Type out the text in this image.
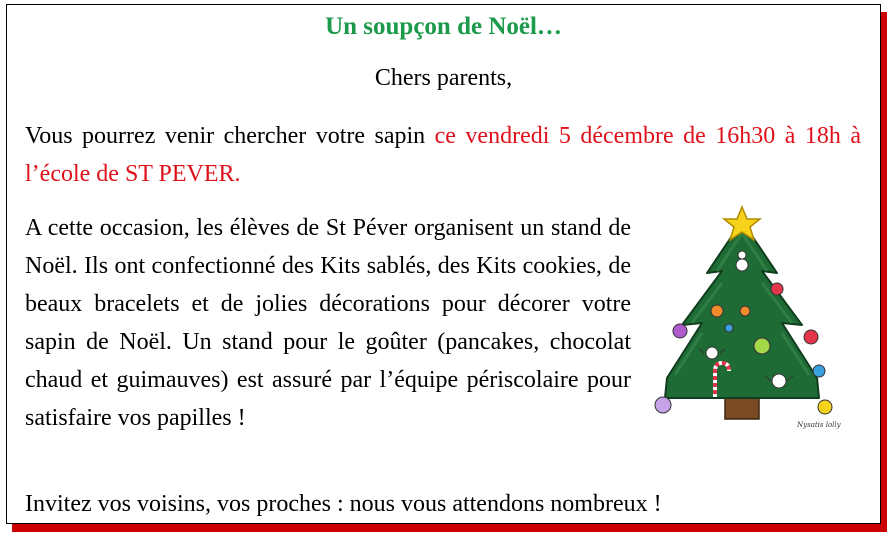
Un soupçon de Noël…
Chers parents,
Vous pourrez venir chercher votre sapin ce vendredi 5 décembre de 16h30 à 18h à l’école de ST PEVER.
A cette occasion, les élèves de St Péver organisent un stand de Noël. Ils ont confectionné des Kits sablés, des Kits cookies, de beaux bracelets et de jolies décorations pour décorer votre sapin de Noël. Un stand pour le goûter (pancakes, chocolat chaud et guimauves) est assuré par l’équipe périscolaire pour satisfaire vos papilles !
Invitez vos voisins, vos proches : nous vous attendons nombreux !
Nysatis lolly
